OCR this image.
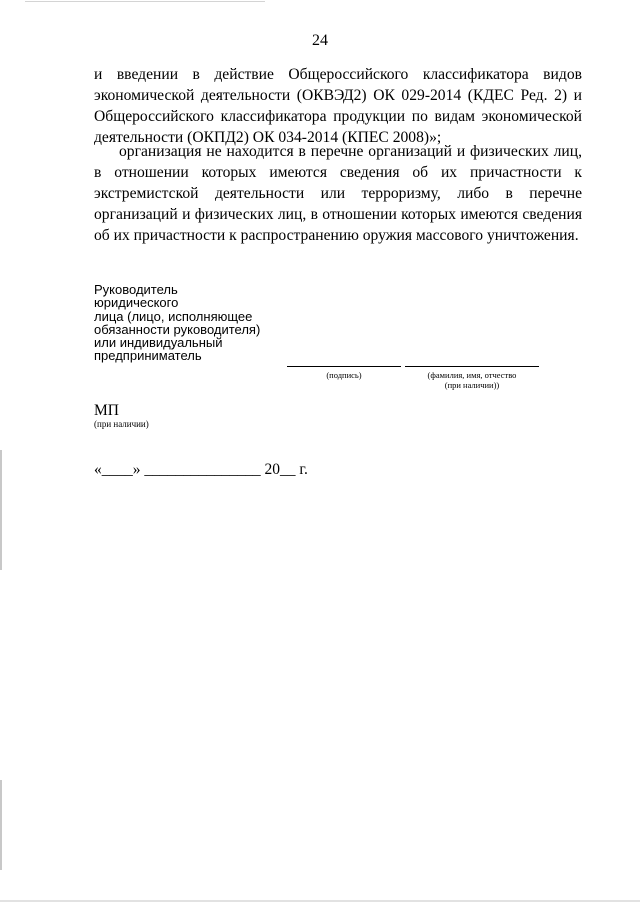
24

и введении в действие Общероссийского классификатора видов экономической деятельности (ОКВЭД2) ОК 029-2014 (КДЕС Ред. 2) и Общероссийского классификатора продукции по видам экономической деятельности (ОКПД2) ОК 034-2014 (КПЕС 2008)»;

организация не находится в перечне организаций и физических лиц, в отношении которых имеются сведения об их причастности к экстремистской деятельности или терроризму, либо в перечне организаций и физических лиц, в отношении которых имеются сведения об их причастности к распространению оружия массового уничтожения.

Руководитель
юридического
лица (лицо, исполняющее
обязанности руководителя)
или индивидуальный
предприниматель
(подпись)	(фамилия, имя, отчество
(при наличии))
МП
(при наличии)
«____» _______________ 20__ г.
